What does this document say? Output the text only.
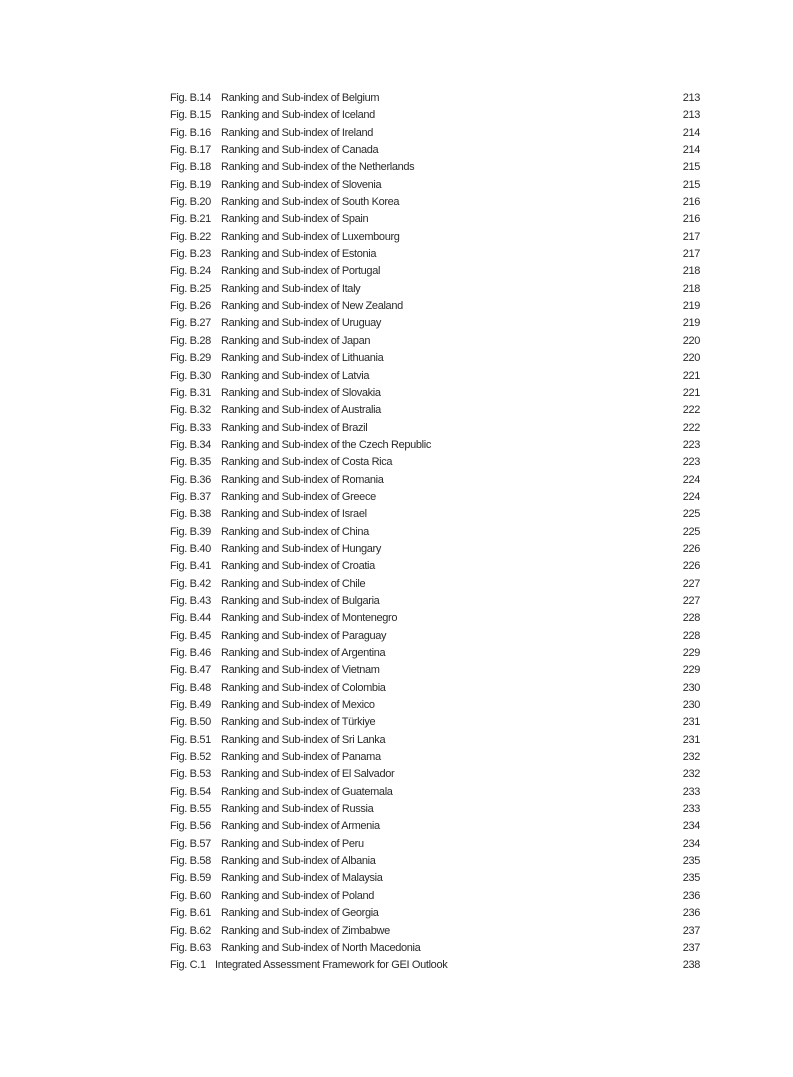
Fig. B.14 Ranking and Sub-index of Belgium	213
Fig. B.15 Ranking and Sub-index of Iceland	213
Fig. B.16 Ranking and Sub-index of Ireland	214
Fig. B.17 Ranking and Sub-index of Canada	214
Fig. B.18 Ranking and Sub-index of the Netherlands	215
Fig. B.19 Ranking and Sub-index of Slovenia	215
Fig. B.20 Ranking and Sub-index of South Korea	216
Fig. B.21 Ranking and Sub-index of Spain	216
Fig. B.22 Ranking and Sub-index of Luxembourg	217
Fig. B.23 Ranking and Sub-index of Estonia	217
Fig. B.24 Ranking and Sub-index of Portugal	218
Fig. B.25 Ranking and Sub-index of Italy	218
Fig. B.26 Ranking and Sub-index of New Zealand	219
Fig. B.27 Ranking and Sub-index of Uruguay	219
Fig. B.28 Ranking and Sub-index of Japan	220
Fig. B.29 Ranking and Sub-index of Lithuania	220
Fig. B.30 Ranking and Sub-index of Latvia	221
Fig. B.31 Ranking and Sub-index of Slovakia	221
Fig. B.32 Ranking and Sub-index of Australia	222
Fig. B.33 Ranking and Sub-index of Brazil	222
Fig. B.34 Ranking and Sub-index of the Czech Republic	223
Fig. B.35 Ranking and Sub-index of Costa Rica	223
Fig. B.36 Ranking and Sub-index of Romania	224
Fig. B.37 Ranking and Sub-index of Greece	224
Fig. B.38 Ranking and Sub-index of Israel	225
Fig. B.39 Ranking and Sub-index of China	225
Fig. B.40 Ranking and Sub-index of Hungary	226
Fig. B.41 Ranking and Sub-index of Croatia	226
Fig. B.42 Ranking and Sub-index of Chile	227
Fig. B.43 Ranking and Sub-index of Bulgaria	227
Fig. B.44 Ranking and Sub-index of Montenegro	228
Fig. B.45 Ranking and Sub-index of Paraguay	228
Fig. B.46 Ranking and Sub-index of Argentina	229
Fig. B.47 Ranking and Sub-index of Vietnam	229
Fig. B.48 Ranking and Sub-index of Colombia	230
Fig. B.49 Ranking and Sub-index of Mexico	230
Fig. B.50 Ranking and Sub-index of Türkiye	231
Fig. B.51 Ranking and Sub-index of Sri Lanka	231
Fig. B.52 Ranking and Sub-index of Panama	232
Fig. B.53 Ranking and Sub-index of El Salvador	232
Fig. B.54 Ranking and Sub-index of Guatemala	233
Fig. B.55 Ranking and Sub-index of Russia	233
Fig. B.56 Ranking and Sub-index of Armenia	234
Fig. B.57 Ranking and Sub-index of Peru	234
Fig. B.58 Ranking and Sub-index of Albania	235
Fig. B.59 Ranking and Sub-index of Malaysia	235
Fig. B.60 Ranking and Sub-index of Poland	236
Fig. B.61 Ranking and Sub-index of Georgia	236
Fig. B.62 Ranking and Sub-index of Zimbabwe	237
Fig. B.63 Ranking and Sub-index of North Macedonia	237
Fig. C.1 Integrated Assessment Framework for GEI Outlook	238
